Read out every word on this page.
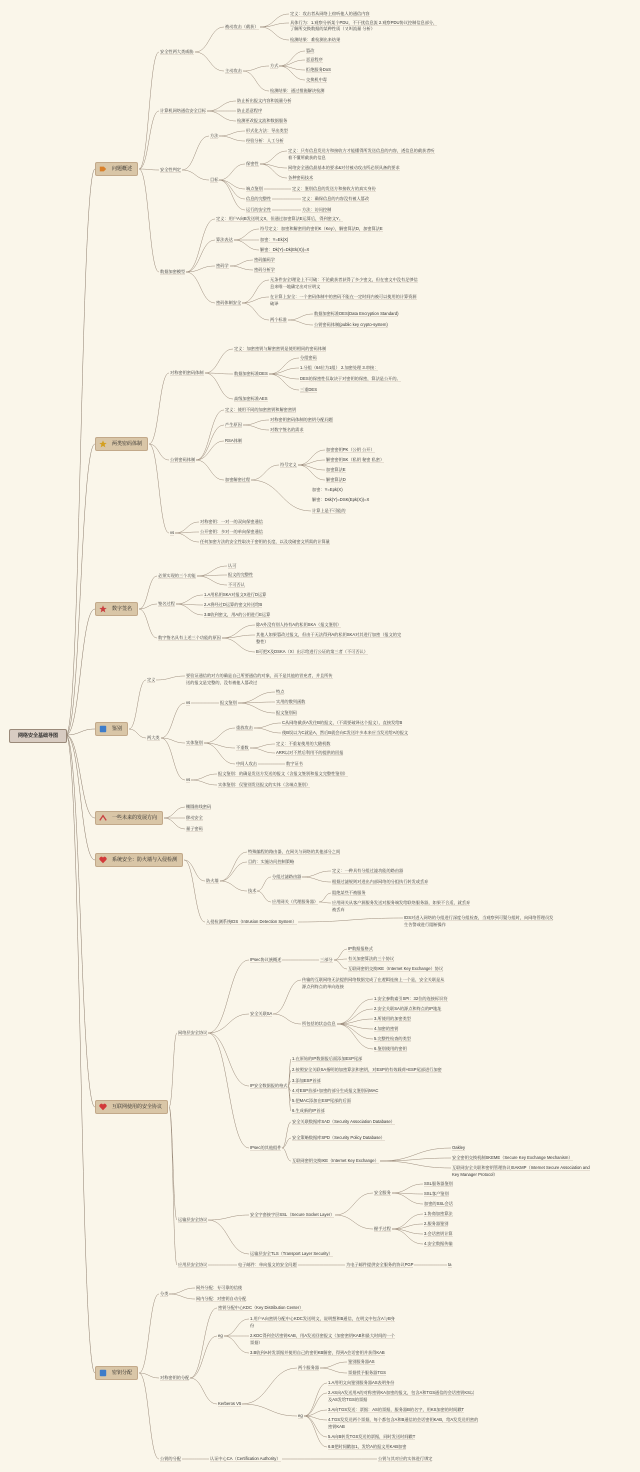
网络安全基础导图
问题概述
两类密码体制
数字签名
鉴别
一些未来的发展方向
系统安全：防火墙与入侵检测
互联网使用的安全协议
密钥分配
安全性两大类威胁
被动攻击（截获）
定义：攻击者从网络上窃听他人的通信内容
具体行为：1.观察分析某个PDU，不干扰信息流 2.观察PDU协议控制信息部分，
了解所交换数据的某种性质（又叫流量 分析）
检测结果：难检测出来结果
主动攻击
方式
篡改
恶意程序
拒绝服务DoS
交换机中毒
检测结果：通过措施解决检测
计算机网络通信安全目标
防止析出报文内容和流量分析
防止恶意程序
检测更改报文流和数据服务
安全性判定
方法
形式化方法：导出类型
经验分析：人工分析
目标
保密性
定义：只有信息发送方和接收方才能懂得所发送信息的内容，透信息的截获者听
着不懂所截获的信息
网络安全通信最基本的要求&对付被动攻击所必须具备的要求
各种密码技术
端点鉴别	定义：鉴别信息的发送方和接收方的真实身份
信息的完整性	定义：确保信息的内容没有被人篡改
运行的安全性	方法：访问控制
数据加密模型
定义：用户A向B发送明文X，但通过加密算法E运算后，得到密文Y。
算法表达
符号定义：加密和解密用的密钥K（Key），解密算法D，加密算法E
加密：Y=Ek(X)
解密：Dk(Y)=Dk(Ek(X))=X
密码学
密码编码学
密码分析学
密码体制安全
无条件安全/理论上不可破：不论截获者获得了多少密文，但在密文中没有足够信
息来唯一地确定出对应明文
在计算上安全：一个密码体制中的密码不能在一定时间内被可以使用的计算资源
破译
两个标准
数据加密标准DES(Data Encryption Standard)
公钥密码体制(public key crypto-system)
对称密钥密码体制
定义：加密密钥与解密密钥是使用相同的密码体制
数据加密标准DES
分组密码
1.分组（64位为1组） 2.加密处理 3.串接：
DES的保密性仅取决于对密钥的保密，算法是公开的。
三重DES
高级加密标准AES
公钥密码体制
定义：使用不同的加密密钥和解密密钥
产生原因
对称密钥密码体制的密钥分配问题
对数字签名的需求
RSA体制
加密解密过程
符号定义
加密密钥PK（公钥 公开）
解密密钥SK（私钥 秘密 私密）
加密算法E
解密算法D
vs
计算上是不可能的
加密：Y=Epk(X)
解密：Dsk(Y)=DSK(Epk(X))=X
对称密钥：一对一的双向保密通信
公开密钥：多对一的单向保密通信
任何加密方法的安全性取决于密钥的长度，以及攻破密文所需的计算量
必须实现的三个功能
认可
报文的完整性
不可否认
签名过程
1.A用私钥SKA对报文X进行D运算
2.A将经过D运算的密文传送给B
3.B收到密文，用A的公钥进行E运算
数字签名具有上述三个功能的原因
除A外没有别人持有A的私钥SKA（报文鉴别）
其他人如果篡改过报文，但由于无法得到A的私钥SKA对其进行加密（报文的完
整性）
B可把X及DSKA（X）出示给进行公证的第三者（不可否认）
定义
要验证通信的对方的确是自己所要通信的对象，而不是其他的冒充者，并且所传
送的报文是完整的，没有被他人篡改过
两大类
vs	报文鉴别
特点
实用的散列函数
报文鉴别码
实体鉴别
重放攻击
C从网络截获A发往B的报文，（不需要破译这个报文），直接发给B
使B误以为C就是A，然后B就会向C发送许多本来应当发送给A的报文
不重数
定义：不重复使用的大随机数
ARR以对不然后利用不的提供的回报
中间人攻击	数字证书
vs
报文鉴别：的确是发送方发送的报文（含报文签别和报文完整性鉴别）
实体鉴别：仅鉴别发送报文的实体（含端点鉴别）
椭圆曲线密码
移动安全
量子密码
防火墙
特殊编程的路由器，在网关与网络的其他部分之间
目的：实施访问控制策略
技术
分组过滤路由器
定义：一种具有分组过滤功能的路由器
根据过滤规则对进出内部网络的分组执行转发或丢弃
应用网关（代理服务器）
阻绝某些不被服务
应用网关从客户源服务发送对服务端发给联络服务器，如果不合适，就丢弃
被丢弃
入侵检测系统IDS（Intrusion Detection System）
IDS对进入网络的分组进行深度分组检查，当观察到可疑分组时，向网络管理员发
生告警或进行阻断操作
网络层安全协议
IPsec协议族概述	三部分
IP数据报格式
有关加密算法的三个协议
互联网密钥交换IKE（Internet Key Exchange）协议
安全关联SA
传输的互联网络无法提供网络数据完成了在逻辑连接上一个是，安全关联是从
源点到终点的单向连接
所包括的状态信息
1.安全参数索引SPI：32位的连接标识符
2.安全关联SA的源点和终点的IP地址
3.所使用的加密类型
4.加密的密钥
5.完整性检查的类型
6.鉴别使用的密钥
IP安全数据报的格式
1.在原始的IP数据报后面添加ESP尾部
2.按照安全关联SA指明的加密算法和密钥，对ESP的有效载荷+ESP尾部进行加密
3.添加ESP首部
4.对ESP首部+加密的部分生成报文鉴别码MAC
5.把MAC添加在ESP尾部的后面
6.生成新的IP首部
IPsec的其他组件
安全关联数据库SAD（Security Association Database）
安全策略数据库SPD（Security Policy Database）
互联网密钥交换IKE（Internet Key Exchange）
Oakley
安全密钥交换机制SKEME（Secure Key Exchange Mechanism）
互联网安全关联和密钥管理协议ISAKMP（Internet Secure Association and
Key Manager Protocol）
运输层安全协议
安全字套接字层SSL（Secure Socket Layer）
安全服务
SSL服务器鉴别
SSL客户鉴别
加密的SSL会话
握手过程
1.协商加密算法
2.服务器鉴别
3.会话密钥计算
4.安全数据传输
运输层安全TLS（Transport Layer Security）
应用层安全协议	电子邮件：单向报文的安全问题	为电子邮件提供安全服务的协议PGP	ta
分类
网外分配：专可靠的信使
网内分配：对密钥自动分配
对称密钥的分配
密钥分配中心KDC（Key Distribution Center）
eg
1.用户A向密钥分配中心KDC发送明文，说明想和B通信，在明文中包含A与B身
份
2.KDC得到会话密钥KAB，用A发送回密报文（加密密钥KAB和最大时间的一个
票据）
3.B收到A转发票据并使用自己的密钥KB解密，得到A会话密钥并获得KAB
Kerberos V5
两个服务器
鉴别服务器AS
票据授予服务器TGS
eg
1.A用明文向鉴别服务器AS表明身份
2.AS向A发送用A的对称密钥KA加密的报文，包含A和TGS通信的会话密钥KS以
及AS发给TGS的票据
3.A向TGS发送：票据：AS的票据，服务器B的名字，用KS加密的时间戳T
4.TGS发发送两个票据，每个都包含A和B通信的会话密钥KAB，给A发发送用密的
密钥KAB
5.A向B转发TGS发送的票据，同时发送时间戳T
6.B把时间戳加1，发给A的报文用KAB加密
公钥的分配	认证中心CA（Certification Authority）	公钥与其对应的实体进行绑定
